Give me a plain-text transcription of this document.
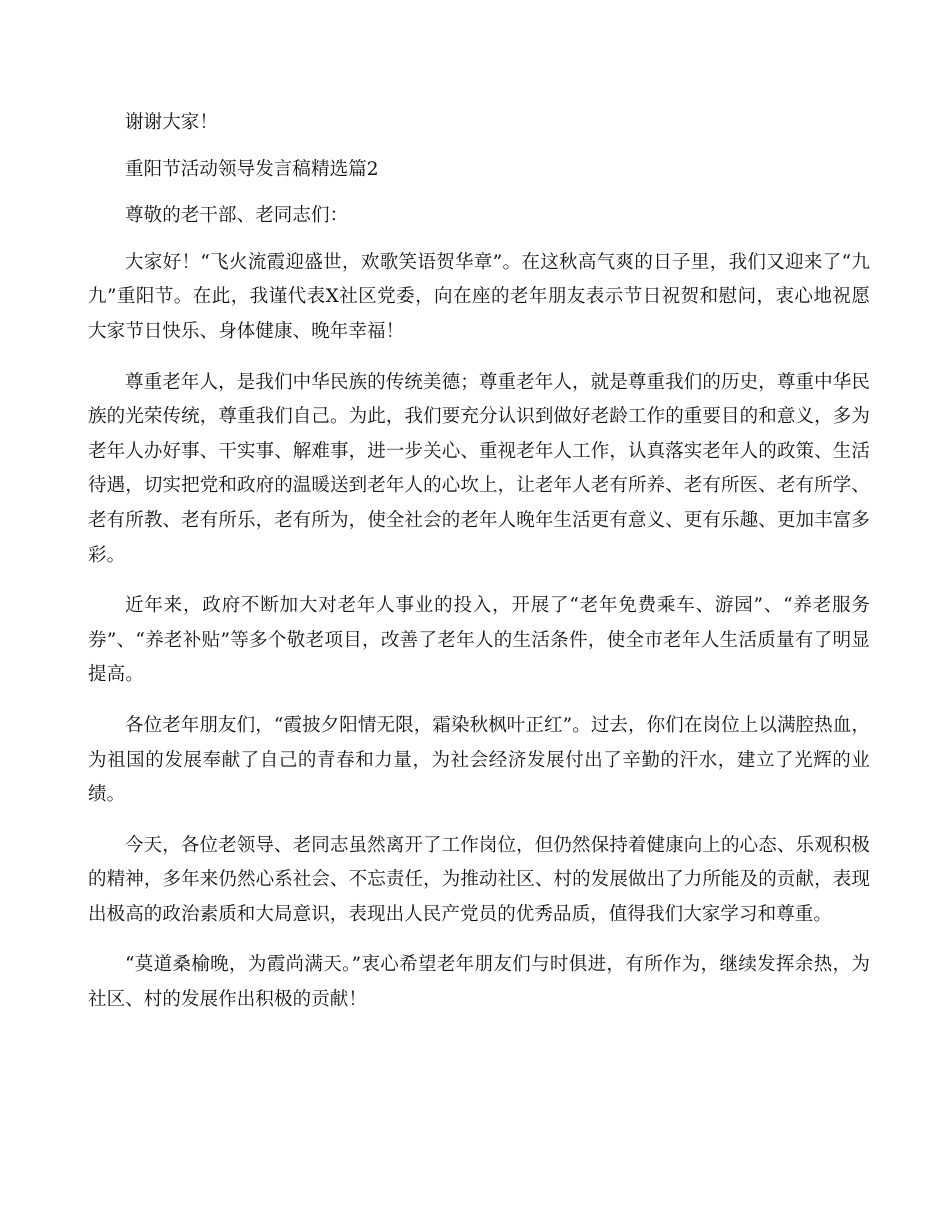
谢谢大家！

重阳节活动领导发言稿精选篇2

尊敬的老干部、老同志们：

大家好！“飞火流霞迎盛世，欢歌笑语贺华章”。在这秋高气爽的日子里，我们又迎来了“九九”重阳节。在此，我谨代表X社区党委，向在座的老年朋友表示节日祝贺和慰问，衷心地祝愿大家节日快乐、身体健康、晚年幸福！

尊重老年人，是我们中华民族的传统美德；尊重老年人，就是尊重我们的历史，尊重中华民族的光荣传统，尊重我们自己。为此，我们要充分认识到做好老龄工作的重要目的和意义，多为老年人办好事、干实事、解难事，进一步关心、重视老年人工作，认真落实老年人的政策、生活待遇，切实把党和政府的温暖送到老年人的心坎上，让老年人老有所养、老有所医、老有所学、老有所教、老有所乐，老有所为，使全社会的老年人晚年生活更有意义、更有乐趣、更加丰富多彩。

近年来，政府不断加大对老年人事业的投入，开展了“老年免费乘车、游园”、“养老服务券”、“养老补贴”等多个敬老项目，改善了老年人的生活条件，使全市老年人生活质量有了明显提高。

各位老年朋友们，“霞披夕阳情无限，霜染秋枫叶正红”。过去，你们在岗位上以满腔热血，为祖国的发展奉献了自己的青春和力量，为社会经济发展付出了辛勤的汗水，建立了光辉的业绩。

今天，各位老领导、老同志虽然离开了工作岗位，但仍然保持着健康向上的心态、乐观积极的精神，多年来仍然心系社会、不忘责任，为推动社区、村的发展做出了力所能及的贡献，表现出极高的政治素质和大局意识，表现出人民产党员的优秀品质，值得我们大家学习和尊重。

“莫道桑榆晚，为霞尚满天。”衷心希望老年朋友们与时俱进，有所作为，继续发挥余热，为社区、村的发展作出积极的贡献！
